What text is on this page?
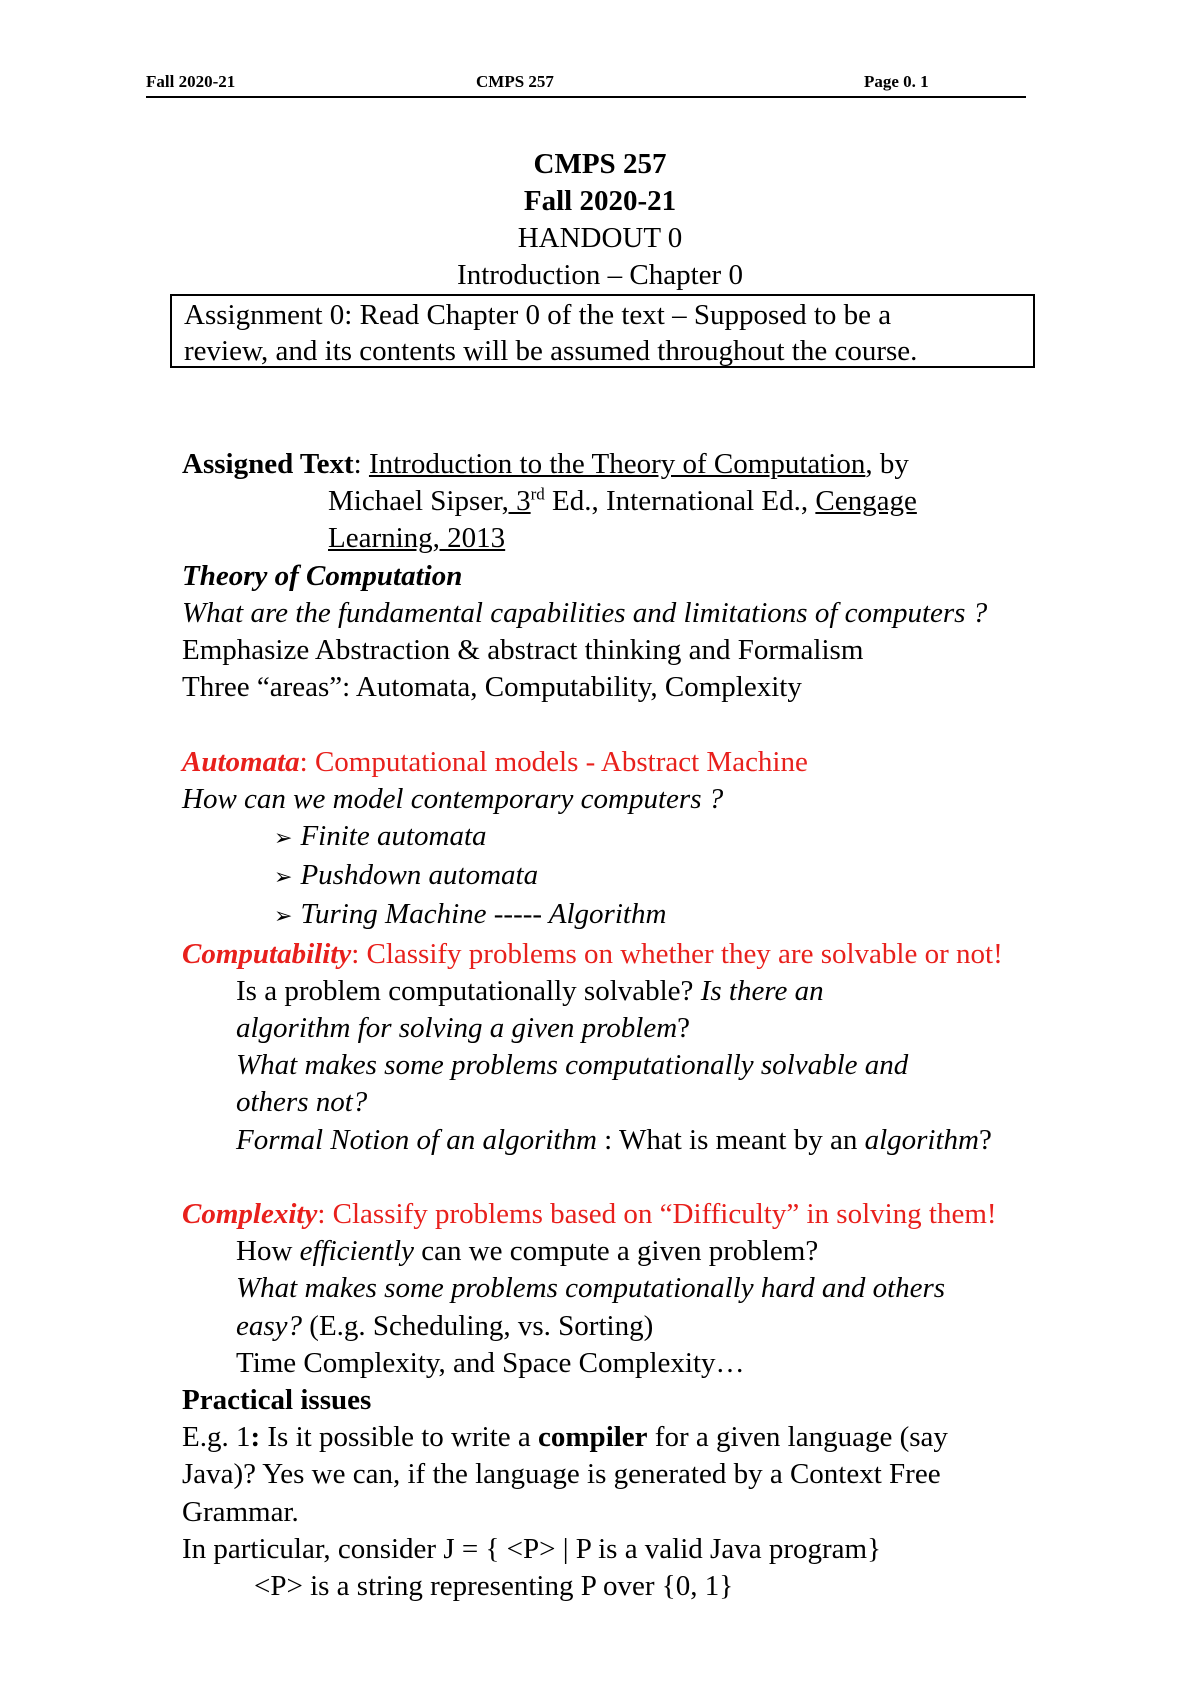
Fall 2020-21	CMPS 257	Page 0. 1
CMPS 257
Fall 2020-21
HANDOUT 0
Introduction – Chapter 0
Assignment 0: Read Chapter 0 of the text – Supposed to be a
review, and its contents will be assumed throughout the course.
Assigned Text: Introduction to the Theory of Computation, by
Michael Sipser, 3rd Ed., International Ed., Cengage
Learning, 2013
Theory of Computation
What are the fundamental capabilities and limitations of computers ?
Emphasize Abstraction & abstract thinking and Formalism
Three “areas”: Automata, Computability, Complexity
Automata: Computational models - Abstract Machine
How can we model contemporary computers ?
➢ Finite automata
➢ Pushdown automata
➢ Turing Machine ----- Algorithm
Computability: Classify problems on whether they are solvable or not!
Is a problem computationally solvable? Is there an
algorithm for solving a given problem?
What makes some problems computationally solvable and
others not?
Formal Notion of an algorithm : What is meant by an algorithm?
Complexity: Classify problems based on “Difficulty” in solving them!
How efficiently can we compute a given problem?
What makes some problems computationally hard and others
easy? (E.g. Scheduling, vs. Sorting)
Time Complexity, and Space Complexity…
Practical issues
E.g. 1: Is it possible to write a compiler for a given language (say
Java)? Yes we can, if the language is generated by a Context Free
Grammar.
In particular, consider J = { <P> | P is a valid Java program}
<P> is a string representing P over {0, 1}
